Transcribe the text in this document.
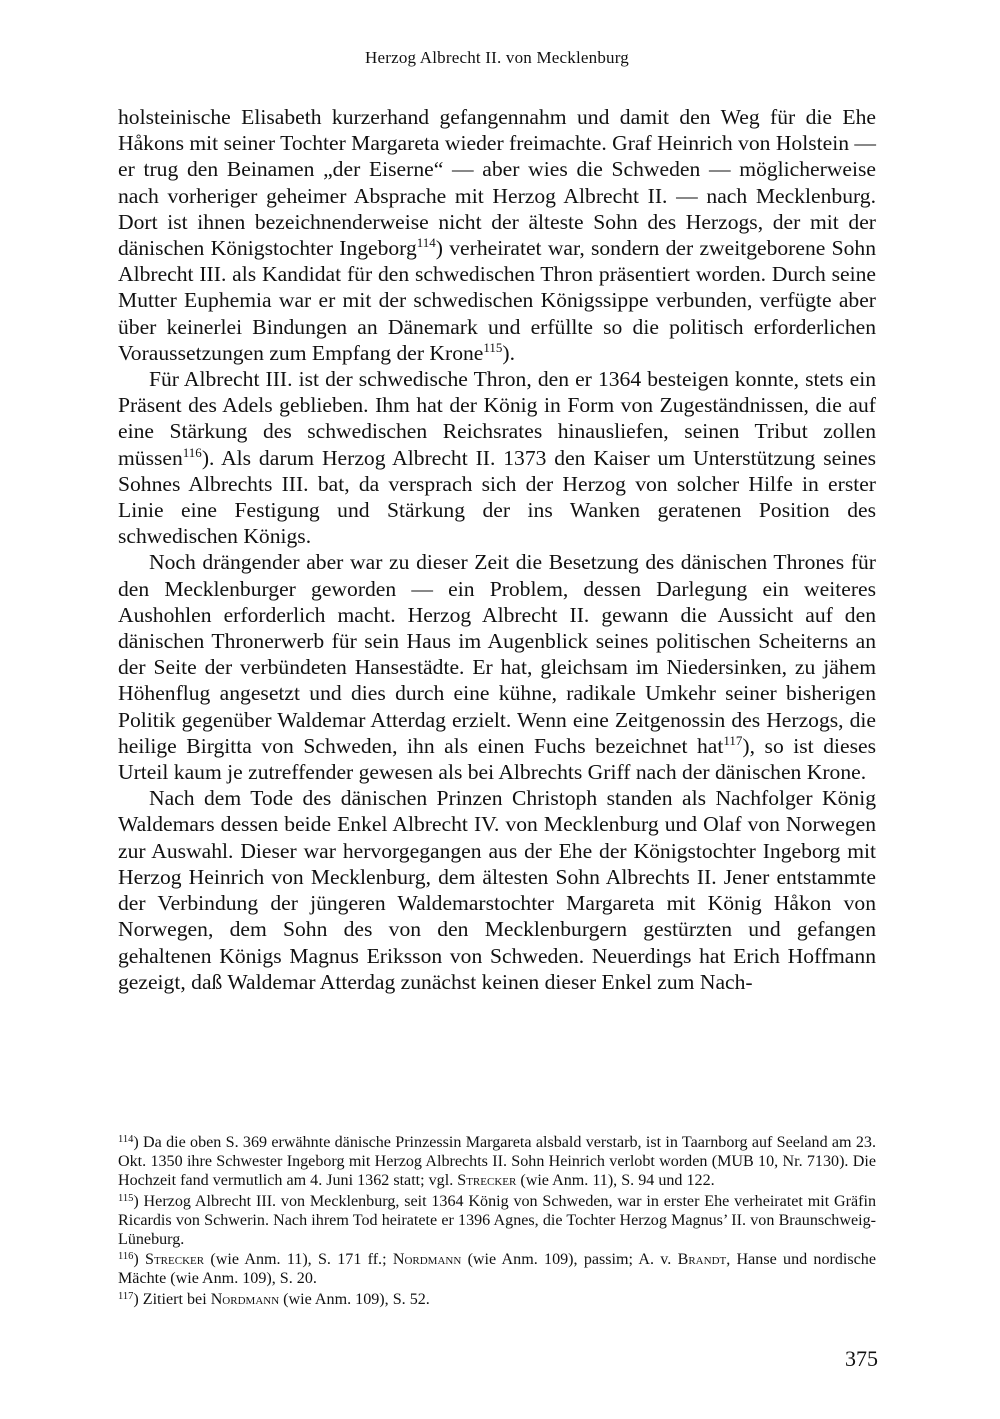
Herzog Albrecht II. von Mecklenburg

holsteinische Elisabeth kurzerhand gefangennahm und damit den Weg für die Ehe Håkons mit seiner Tochter Margareta wieder freimachte. Graf Heinrich von Holstein — er trug den Beinamen „der Eiserne“ — aber wies die Schweden — möglicherweise nach vorheriger geheimer Absprache mit Herzog Albrecht II. — nach Mecklenburg. Dort ist ihnen bezeichnenderweise nicht der älteste Sohn des Herzogs, der mit der dänischen Königstochter Ingeborg$^{114}$) verheiratet war, sondern der zweitgeborene Sohn Albrecht III. als Kandidat für den schwedischen Thron präsentiert worden. Durch seine Mutter Euphemia war er mit der schwedischen Königssippe verbunden, verfügte aber über keinerlei Bindungen an Dänemark und erfüllte so die politisch erforderlichen Voraussetzungen zum Empfang der Krone$^{115}$).

Für Albrecht III. ist der schwedische Thron, den er 1364 besteigen konnte, stets ein Präsent des Adels geblieben. Ihm hat der König in Form von Zugeständnissen, die auf eine Stärkung des schwedischen Reichsrates hinausliefen, seinen Tribut zollen müssen$^{116}$). Als darum Herzog Albrecht II. 1373 den Kaiser um Unterstützung seines Sohnes Albrechts III. bat, da versprach sich der Herzog von solcher Hilfe in erster Linie eine Festigung und Stärkung der ins Wanken geratenen Position des schwedischen Königs.

Noch drängender aber war zu dieser Zeit die Besetzung des dänischen Thrones für den Mecklenburger geworden — ein Problem, dessen Darlegung ein weiteres Aushohlen erforderlich macht. Herzog Albrecht II. gewann die Aussicht auf den dänischen Thronerwerb für sein Haus im Augenblick seines politischen Scheiterns an der Seite der verbündeten Hansestädte. Er hat, gleichsam im Niedersinken, zu jähem Höhenflug angesetzt und dies durch eine kühne, radikale Umkehr seiner bisherigen Politik gegenüber Waldemar Atterdag erzielt. Wenn eine Zeitgenossin des Herzogs, die heilige Birgitta von Schweden, ihn als einen Fuchs bezeichnet hat$^{117}$), so ist dieses Urteil kaum je zutreffender gewesen als bei Albrechts Griff nach der dänischen Krone.

Nach dem Tode des dänischen Prinzen Christoph standen als Nachfolger König Waldemars dessen beide Enkel Albrecht IV. von Mecklenburg und Olaf von Norwegen zur Auswahl. Dieser war hervorgegangen aus der Ehe der Königstochter Ingeborg mit Herzog Heinrich von Mecklenburg, dem ältesten Sohn Albrechts II. Jener entstammte der Verbindung der jüngeren Waldemarstochter Margareta mit König Håkon von Norwegen, dem Sohn des von den Mecklenburgern gestürzten und gefangen gehaltenen Königs Magnus Eriksson von Schweden. Neuerdings hat Erich Hoffmann gezeigt, daß Waldemar Atterdag zunächst keinen dieser Enkel zum Nach-

$^{114}$) Da die oben S. 369 erwähnte dänische Prinzessin Margareta alsbald verstarb, ist in Taarnborg auf Seeland am 23. Okt. 1350 ihre Schwester Ingeborg mit Herzog Albrechts II. Sohn Heinrich verlobt worden (MUB 10, Nr. 7130). Die Hochzeit fand vermutlich am 4. Juni 1362 statt; vgl. Strecker (wie Anm. 11), S. 94 und 122.

$^{115}$) Herzog Albrecht III. von Mecklenburg, seit 1364 König von Schweden, war in erster Ehe verheiratet mit Gräfin Ricardis von Schwerin. Nach ihrem Tod heiratete er 1396 Agnes, die Tochter Herzog Magnus’ II. von Braunschweig-Lüneburg.

$^{116}$) Strecker (wie Anm. 11), S. 171 ff.; Nordmann (wie Anm. 109), passim; A. v. Brandt, Hanse und nordische Mächte (wie Anm. 109), S. 20.

$^{117}$) Zitiert bei Nordmann (wie Anm. 109), S. 52.

375
